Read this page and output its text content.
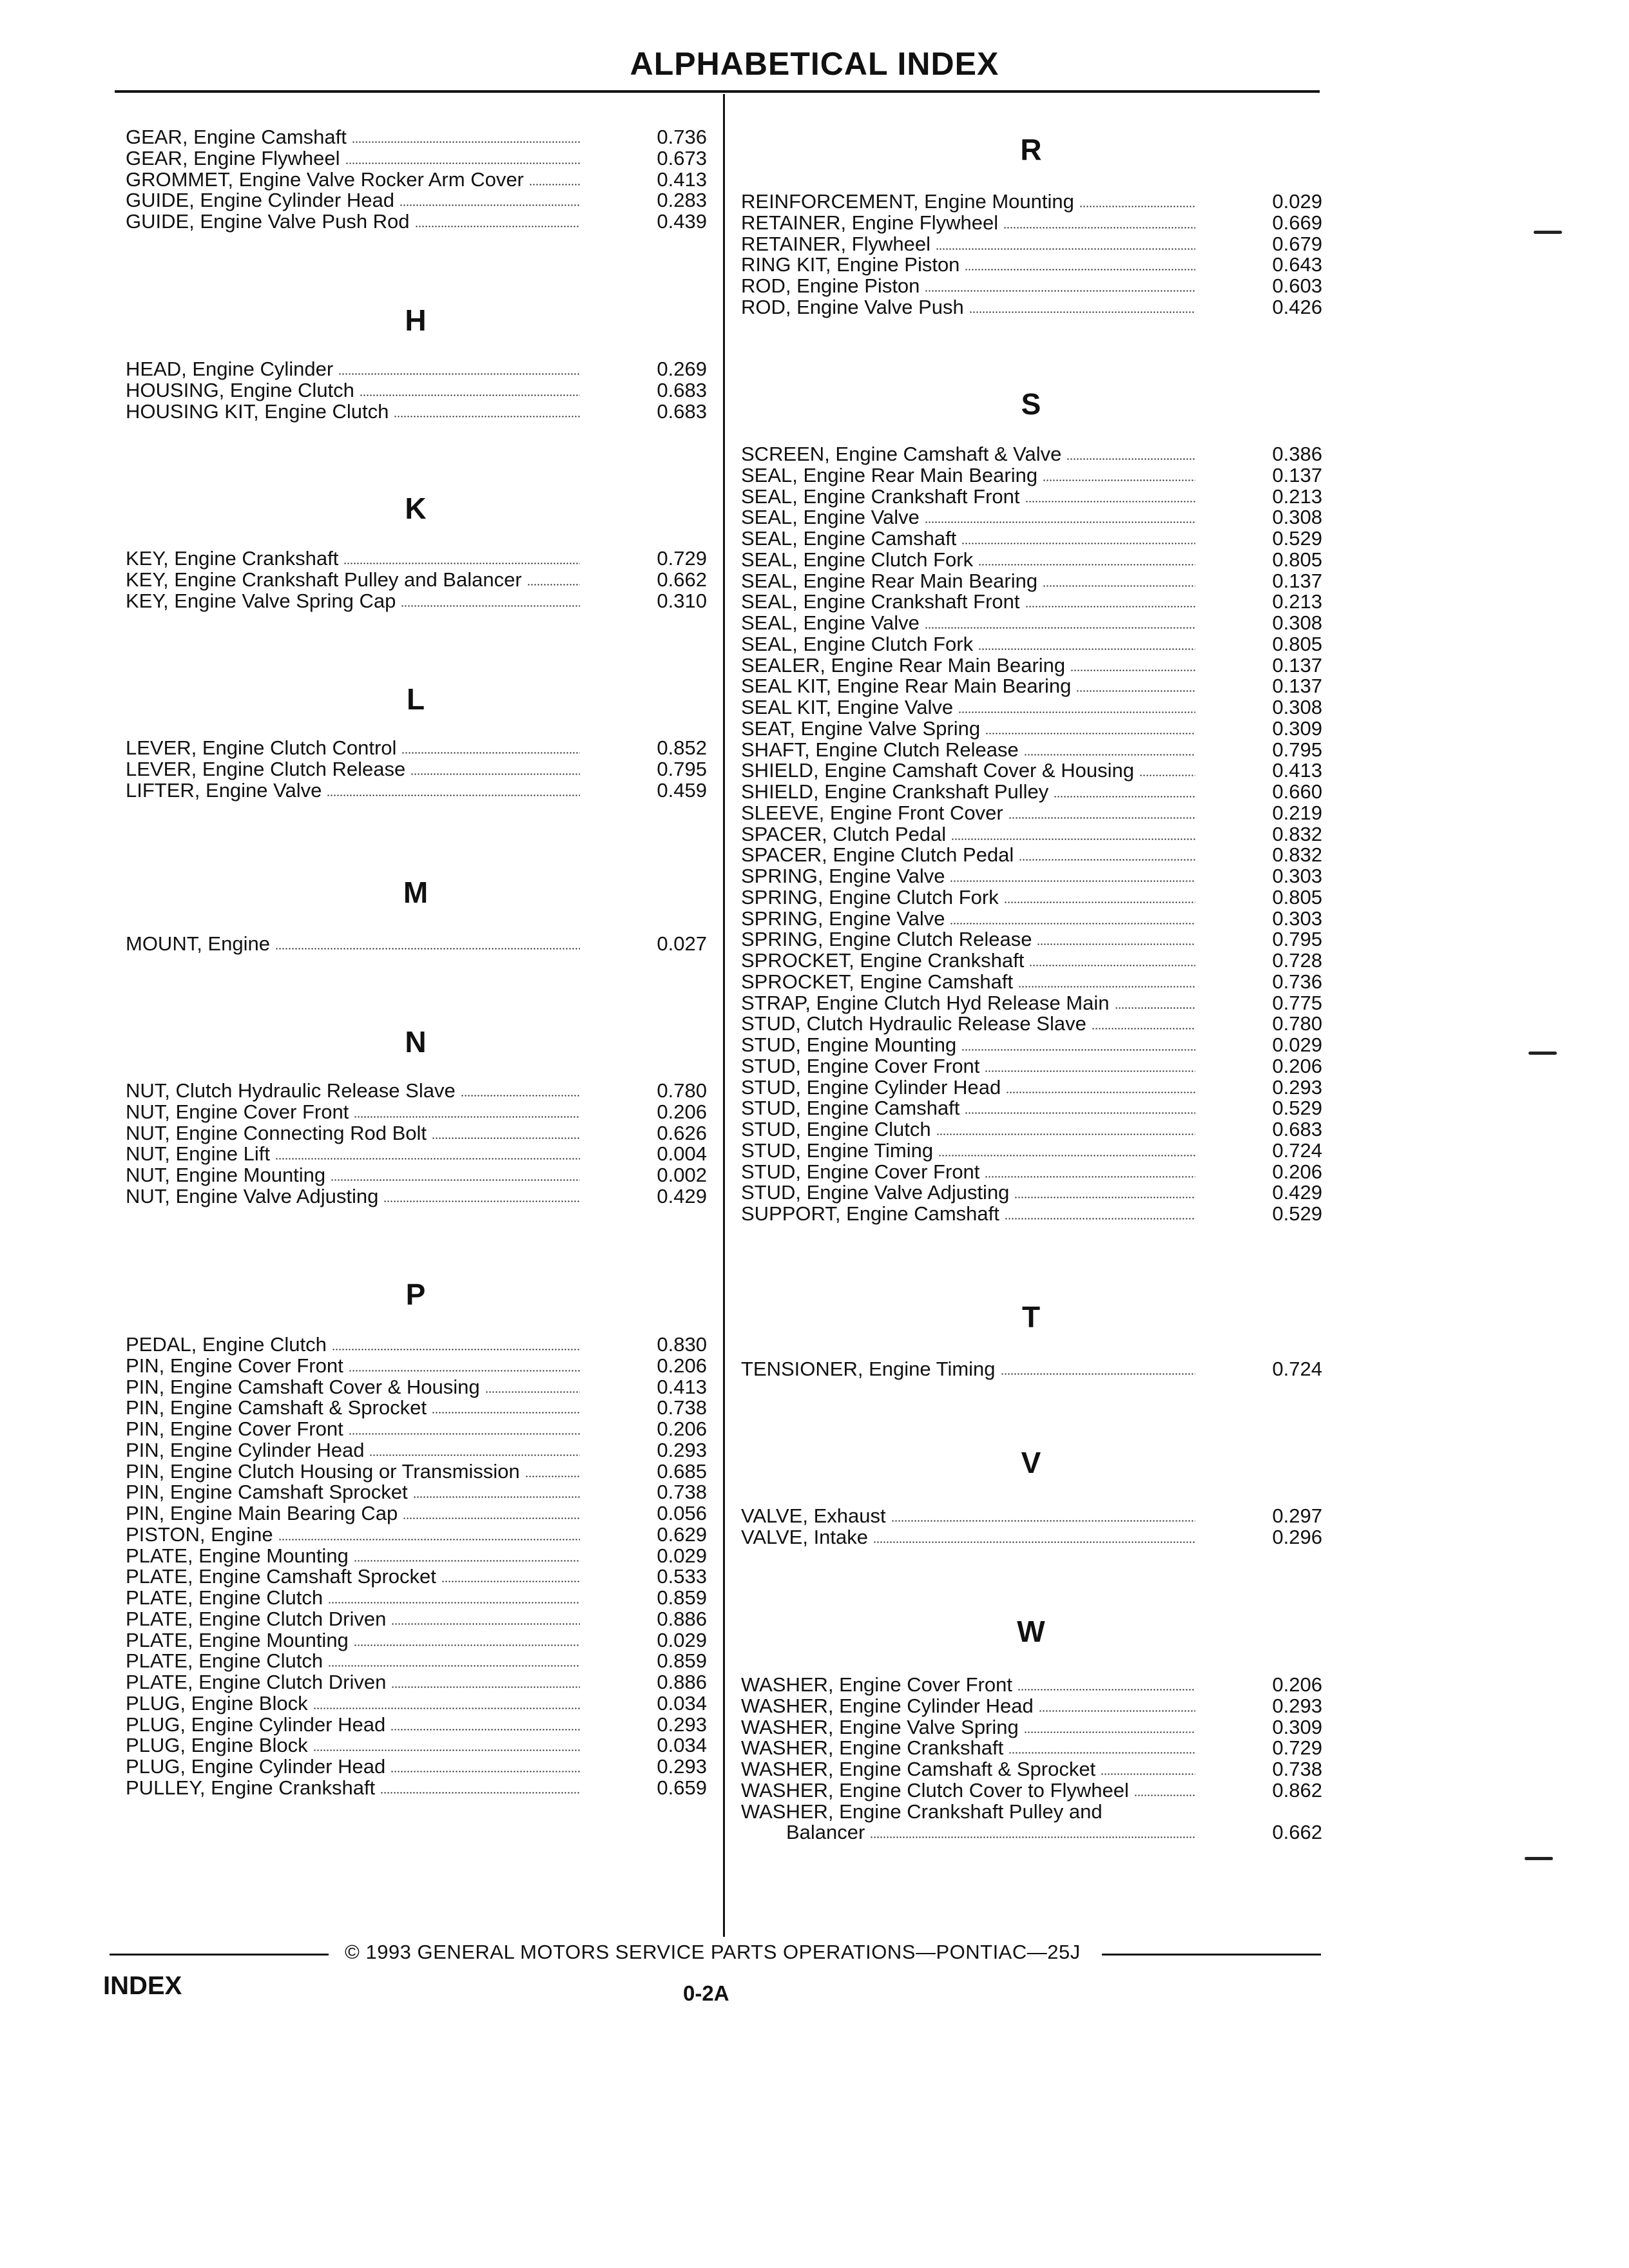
ALPHABETICAL INDEX
GEAR, Engine Camshaft	0.736
GEAR, Engine Flywheel	0.673
GROMMET, Engine Valve Rocker Arm Cover	0.413
GUIDE, Engine Cylinder Head	0.283
GUIDE, Engine Valve Push Rod	0.439
H
HEAD, Engine Cylinder	0.269
HOUSING, Engine Clutch	0.683
HOUSING KIT, Engine Clutch	0.683
K
KEY, Engine Crankshaft	0.729
KEY, Engine Crankshaft Pulley and Balancer	0.662
KEY, Engine Valve Spring Cap	0.310
L
LEVER, Engine Clutch Control	0.852
LEVER, Engine Clutch Release	0.795
LIFTER, Engine Valve	0.459
M
MOUNT, Engine	0.027
N
NUT, Clutch Hydraulic Release Slave	0.780
NUT, Engine Cover Front	0.206
NUT, Engine Connecting Rod Bolt	0.626
NUT, Engine Lift	0.004
NUT, Engine Mounting	0.002
NUT, Engine Valve Adjusting	0.429
P
PEDAL, Engine Clutch	0.830
PIN, Engine Cover Front	0.206
PIN, Engine Camshaft Cover & Housing	0.413
PIN, Engine Camshaft & Sprocket	0.738
PIN, Engine Cover Front	0.206
PIN, Engine Cylinder Head	0.293
PIN, Engine Clutch Housing or Transmission	0.685
PIN, Engine Camshaft Sprocket	0.738
PIN, Engine Main Bearing Cap	0.056
PISTON, Engine	0.629
PLATE, Engine Mounting	0.029
PLATE, Engine Camshaft Sprocket	0.533
PLATE, Engine Clutch	0.859
PLATE, Engine Clutch Driven	0.886
PLATE, Engine Mounting	0.029
PLATE, Engine Clutch	0.859
PLATE, Engine Clutch Driven	0.886
PLUG, Engine Block	0.034
PLUG, Engine Cylinder Head	0.293
PLUG, Engine Block	0.034
PLUG, Engine Cylinder Head	0.293
PULLEY, Engine Crankshaft	0.659
R
REINFORCEMENT, Engine Mounting	0.029
RETAINER, Engine Flywheel	0.669
RETAINER, Flywheel	0.679
RING KIT, Engine Piston	0.643
ROD, Engine Piston	0.603
ROD, Engine Valve Push	0.426
S
SCREEN, Engine Camshaft & Valve	0.386
SEAL, Engine Rear Main Bearing	0.137
SEAL, Engine Crankshaft Front	0.213
SEAL, Engine Valve	0.308
SEAL, Engine Camshaft	0.529
SEAL, Engine Clutch Fork	0.805
SEAL, Engine Rear Main Bearing	0.137
SEAL, Engine Crankshaft Front	0.213
SEAL, Engine Valve	0.308
SEAL, Engine Clutch Fork	0.805
SEALER, Engine Rear Main Bearing	0.137
SEAL KIT, Engine Rear Main Bearing	0.137
SEAL KIT, Engine Valve	0.308
SEAT, Engine Valve Spring	0.309
SHAFT, Engine Clutch Release	0.795
SHIELD, Engine Camshaft Cover & Housing	0.413
SHIELD, Engine Crankshaft Pulley	0.660
SLEEVE, Engine Front Cover	0.219
SPACER, Clutch Pedal	0.832
SPACER, Engine Clutch Pedal	0.832
SPRING, Engine Valve	0.303
SPRING, Engine Clutch Fork	0.805
SPRING, Engine Valve	0.303
SPRING, Engine Clutch Release	0.795
SPROCKET, Engine Crankshaft	0.728
SPROCKET, Engine Camshaft	0.736
STRAP, Engine Clutch Hyd Release Main	0.775
STUD, Clutch Hydraulic Release Slave	0.780
STUD, Engine Mounting	0.029
STUD, Engine Cover Front	0.206
STUD, Engine Cylinder Head	0.293
STUD, Engine Camshaft	0.529
STUD, Engine Clutch	0.683
STUD, Engine Timing	0.724
STUD, Engine Cover Front	0.206
STUD, Engine Valve Adjusting	0.429
SUPPORT, Engine Camshaft	0.529
T
TENSIONER, Engine Timing	0.724
V
VALVE, Exhaust	0.297
VALVE, Intake	0.296
W
WASHER, Engine Cover Front	0.206
WASHER, Engine Cylinder Head	0.293
WASHER, Engine Valve Spring	0.309
WASHER, Engine Crankshaft	0.729
WASHER, Engine Camshaft & Sprocket	0.738
WASHER, Engine Clutch Cover to Flywheel	0.862
WASHER, Engine Crankshaft Pulley and
Balancer	0.662
© 1993 GENERAL MOTORS SERVICE PARTS OPERATIONS—PONTIAC—25J
INDEX	0-2A
